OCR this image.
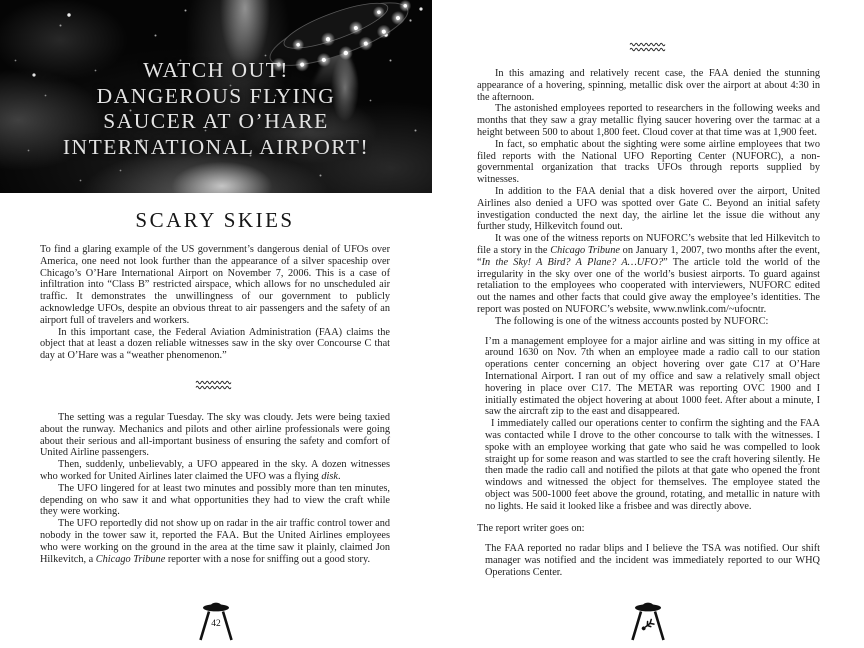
WATCH OUT!
DANGEROUS FLYING
SAUCER AT O’HARE
INTERNATIONAL AIRPORT!
SCARY SKIES

To find a glaring example of the US government’s dangerous denial of UFOs over America, one need not look further than the appearance of a silver spaceship over Chicago’s O’Hare International Airport on November 7, 2006. This is a case of infiltration into “Class B” restricted airspace, which allows for no unscheduled air traffic. It demonstrates the unwillingness of our government to publicly acknowledge UFOs, despite an obvious threat to air passengers and the safety of an airport full of travelers and workers.

In this important case, the Federal Aviation Administration (FAA) claims the object that at least a dozen reliable witnesses saw in the sky over Concourse C that day at O’Hare was a “weather phenomenon.”

The setting was a regular Tuesday. The sky was cloudy. Jets were being taxied about the runway. Mechanics and pilots and other airline professionals were going about their serious and all-important business of ensuring the safety and comfort of United Airline passengers.

Then, suddenly, unbelievably, a UFO appeared in the sky. A dozen witnesses who worked for United Airlines later claimed the UFO was a flying disk.

The UFO lingered for at least two minutes and possibly more than ten minutes, depending on who saw it and what opportunities they had to view the craft while they were working.

The UFO reportedly did not show up on radar in the air traffic control tower and nobody in the tower saw it, reported the FAA. But the United Airlines employees who were working on the ground in the area at the time saw it plainly, claimed Jon Hilkevitch, a Chicago Tribune reporter with a nose for sniffing out a good story.

42

In this amazing and relatively recent case, the FAA denied the stunning appearance of a hovering, spinning, metallic disk over the airport at about 4:30 in the afternoon.

The astonished employees reported to researchers in the following weeks and months that they saw a gray metallic flying saucer hovering over the tarmac at a height between 500 to about 1,800 feet. Cloud cover at that time was at 1,900 feet.

In fact, so emphatic about the sighting were some airline employees that two filed reports with the National UFO Reporting Center (NUFORC), a non-governmental organization that tracks UFOs through reports supplied by witnesses.

In addition to the FAA denial that a disk hovered over the airport, United Airlines also denied a UFO was spotted over Gate C. Beyond an initial safety investigation conducted the next day, the airline let the issue die without any further study, Hilkevitch found out.

It was one of the witness reports on NUFORC’s website that led Hilkevitch to file a story in the Chicago Tribune on January 1, 2007, two months after the event, “In the Sky! A Bird? A Plane? A…UFO?” The article told the world of the irregularity in the sky over one of the world’s busiest airports. To guard against retaliation to the employees who cooperated with interviewers, NUFORC edited out the names and other facts that could give away the employee’s identities. The report was posted on NUFORC’s website, www.nwlink.com/~ufocntr.

The following is one of the witness accounts posted by NUFORC:

I’m a management employee for a major airline and was sitting in my office at around 1630 on Nov. 7th when an employee made a radio call to our station operations center concerning an object hovering over gate C17 at O’Hare International Airport. I ran out of my office and saw a relatively small object hovering in place over C17. The METAR was reporting OVC 1900 and I initially estimated the object hovering at about 1000 feet. After about a minute, I saw the aircraft zip to the east and disappeared.

I immediately called our operations center to confirm the sighting and the FAA was contacted while I drove to the other concourse to talk with the witnesses. I spoke with an employee working that gate who said he was compelled to look straight up for some reason and was startled to see the craft hovering silently. He then made the radio call and notified the pilots at that gate who opened the front windows and witnessed the object for themselves. The employee stated the object was 500-1000 feet above the ground, rotating, and metallic in nature with no lights. He said it looked like a frisbee and was directly above.

The report writer goes on:

The FAA reported no radar blips and I believe the TSA was notified. Our shift manager was notified and the incident was immediately reported to our WHQ Operations Center.
